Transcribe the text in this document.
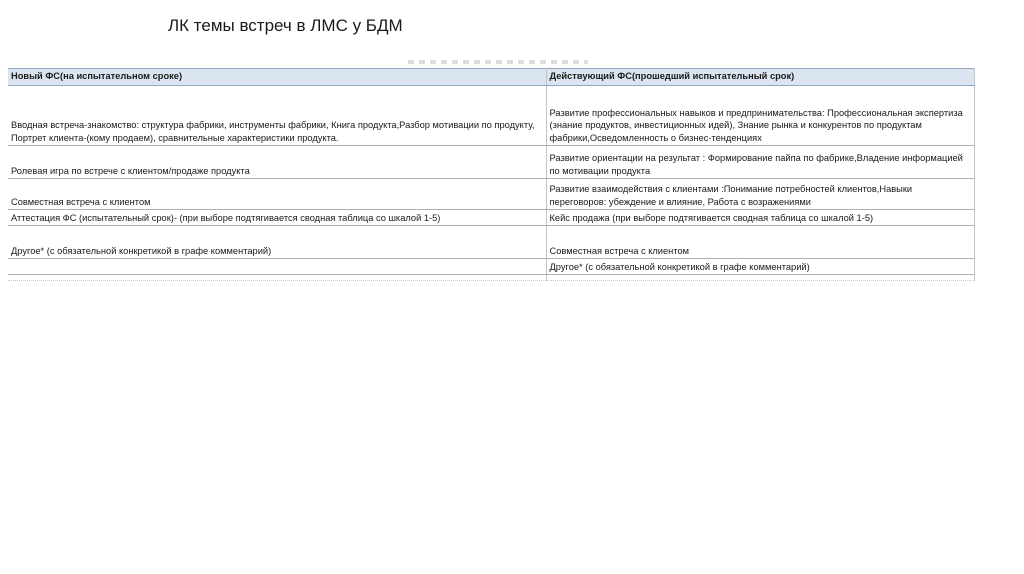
ЛК темы встреч в ЛМС у БДМ
Новый ФС(на испытательном сроке)	Действующий ФС(прошедший испытательный срок)
Вводная встреча-знакомство: структура фабрики, инструменты фабрики, Книга продукта,Разбор мотивации по продукту, Портрет клиента-(кому продаем), сравнительные характеристики продукта.	Развитие профессиональных навыков и предпринимательства: Профессиональная экспертиза (знание продуктов, инвестиционных идей), Знание рынка и конкурентов по продуктам фабрики,Осведомленность о бизнес-тенденциях
Ролевая игра по встрече с клиентом/продаже продукта	Развитие ориентации на результат : Формирование пайпа по фабрике,Владение информацией по мотивации продукта
Совместная встреча с клиентом	Развитие взаимодействия с клиентами :Понимание потребностей клиентов,Навыки переговоров: убеждение и влияние, Работа с возражениями
Аттестация ФС (испытательный срок)- (при выборе подтягивается сводная таблица со шкалой 1-5)	Кейс продажа (при выборе подтягивается сводная таблица со шкалой 1-5)
Другое* (с обязательной конкретикой в графе комментарий)	Совместная встреча с клиентом
	Другое* (с обязательной конкретикой в графе комментарий)
